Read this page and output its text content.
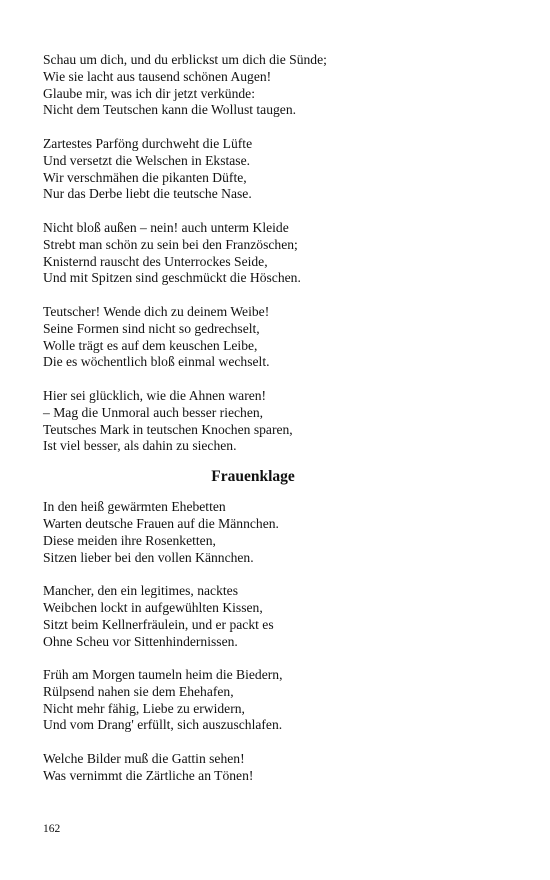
Schau um dich, und du erblickst um dich die Sünde;
Wie sie lacht aus tausend schönen Augen!
Glaube mir, was ich dir jetzt verkünde:
Nicht dem Teutschen kann die Wollust taugen.
Zartestes Parföng durchweht die Lüfte
Und versetzt die Welschen in Ekstase.
Wir verschmähen die pikanten Düfte,
Nur das Derbe liebt die teutsche Nase.
Nicht bloß außen – nein! auch unterm Kleide
Strebt man schön zu sein bei den Französchen;
Knisternd rauscht des Unterrockes Seide,
Und mit Spitzen sind geschmückt die Höschen.
Teutscher! Wende dich zu deinem Weibe!
Seine Formen sind nicht so gedrechselt,
Wolle trägt es auf dem keuschen Leibe,
Die es wöchentlich bloß einmal wechselt.
Hier sei glücklich, wie die Ahnen waren!
– Mag die Unmoral auch besser riechen,
Teutsches Mark in teutschen Knochen sparen,
Ist viel besser, als dahin zu siechen.
Frauenklage
In den heiß gewärmten Ehebetten
Warten deutsche Frauen auf die Männchen.
Diese meiden ihre Rosenketten,
Sitzen lieber bei den vollen Kännchen.
Mancher, den ein legitimes, nacktes
Weibchen lockt in aufgewühlten Kissen,
Sitzt beim Kellnerfräulein, und er packt es
Ohne Scheu vor Sittenhindernissen.
Früh am Morgen taumeln heim die Biedern,
Rülpsend nahen sie dem Ehehafen,
Nicht mehr fähig, Liebe zu erwidern,
Und vom Drang' erfüllt, sich auszuschlafen.
Welche Bilder muß die Gattin sehen!
Was vernimmt die Zärtliche an Tönen!
162
